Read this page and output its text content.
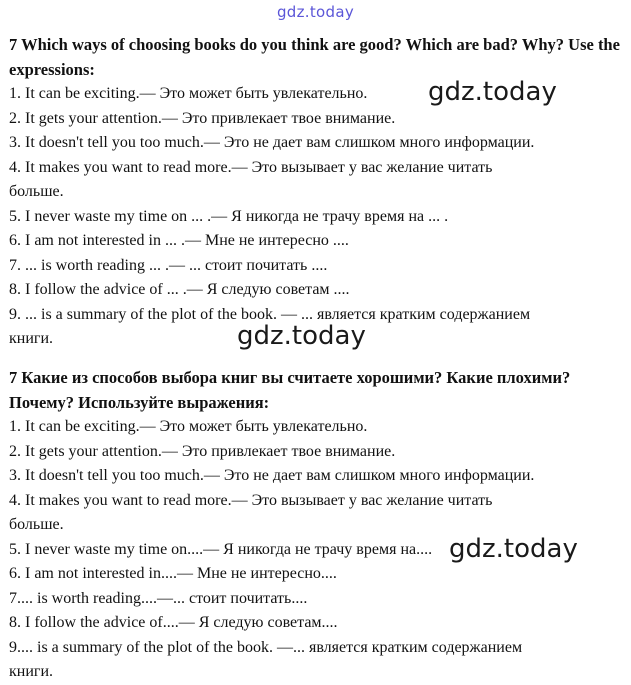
gdz.today
7 Which ways of choosing books do you think are good? Which are bad? Why? Use the expressions:
1. It can be exciting.— Это может быть увлекательно.
2. It gets your attention.— Это привлекает твое внимание.
3. It doesn't tell you too much.— Это не дает вам слишком много информации.
4. It makes you want to read more.— Это вызывает у вас желание читать
больше.
5. I never waste my time on ... .— Я никогда не трачу время на ... .
6. I am not interested in ... .— Мне не интересно ....
7. ... is worth reading ... .— ... стоит почитать ....
8. I follow the advice of ... .— Я следую советам ....
9. ... is a summary of the plot of the book. — ... является кратким содержанием
книги.
7 Какие из способов выбора книг вы считаете хорошими? Какие плохими? Почему? Используйте выражения:
1. It can be exciting.— Это может быть увлекательно.
2. It gets your attention.— Это привлекает твое внимание.
3. It doesn't tell you too much.— Это не дает вам слишком много информации.
4. It makes you want to read more.— Это вызывает у вас желание читать
больше.
5. I never waste my time on....— Я никогда не трачу время на....
6. I am not interested in....— Мне не интересно....
7.... is worth reading....—... стоит почитать....
8. I follow the advice of....— Я следую советам....
9.... is a summary of the plot of the book. —... является кратким содержанием
книги.
gdz.today
gdz.today
gdz.today
